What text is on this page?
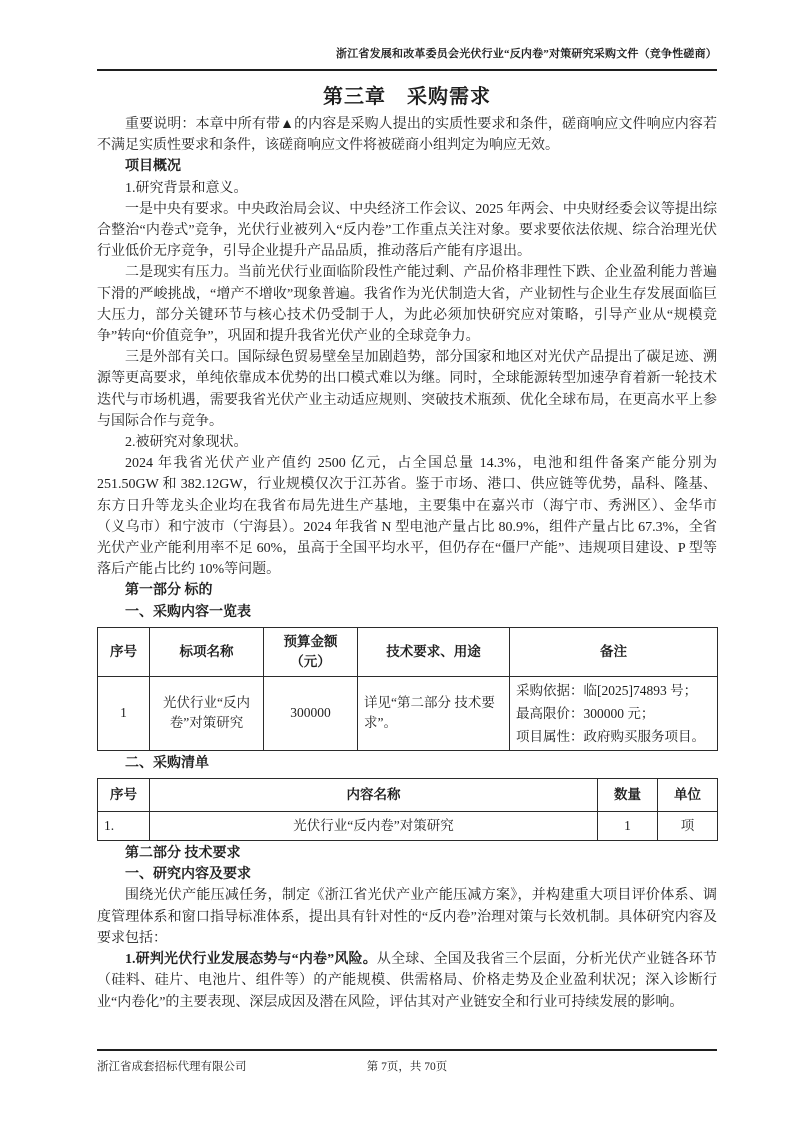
浙江省发展和改革委员会光伏行业“反内卷”对策研究采购文件（竞争性磋商）
第三章　采购需求

重要说明：本章中所有带▲的内容是采购人提出的实质性要求和条件，磋商响应文件响应内容若不满足实质性要求和条件，该磋商响应文件将被磋商小组判定为响应无效。

项目概况

1.研究背景和意义。

一是中央有要求。中央政治局会议、中央经济工作会议、2025 年两会、中央财经委会议等提出综合整治“内卷式”竞争，光伏行业被列入“反内卷”工作重点关注对象。要求要依法依规、综合治理光伏行业低价无序竞争，引导企业提升产品品质，推动落后产能有序退出。

二是现实有压力。当前光伏行业面临阶段性产能过剩、产品价格非理性下跌、企业盈利能力普遍下滑的严峻挑战，“增产不增收”现象普遍。我省作为光伏制造大省，产业韧性与企业生存发展面临巨大压力，部分关键环节与核心技术仍受制于人，为此必须加快研究应对策略，引导产业从“规模竞争”转向“价值竞争”，巩固和提升我省光伏产业的全球竞争力。

三是外部有关口。国际绿色贸易壁垒呈加剧趋势，部分国家和地区对光伏产品提出了碳足迹、溯源等更高要求，单纯依靠成本优势的出口模式难以为继。同时，全球能源转型加速孕育着新一轮技术迭代与市场机遇，需要我省光伏产业主动适应规则、突破技术瓶颈、优化全球布局，在更高水平上参与国际合作与竞争。

2.被研究对象现状。

2024 年我省光伏产业产值约 2500 亿元，占全国总量 14.3%，电池和组件备案产能分别为 251.50GW 和 382.12GW，行业规模仅次于江苏省。鉴于市场、港口、供应链等优势，晶科、隆基、东方日升等龙头企业均在我省布局先进生产基地，主要集中在嘉兴市（海宁市、秀洲区）、金华市（义乌市）和宁波市（宁海县）。2024 年我省 N 型电池产量占比 80.9%，组件产量占比 67.3%，全省光伏产业产能利用率不足 60%，虽高于全国平均水平，但仍存在“僵尸产能”、违规项目建设、P 型等落后产能占比约 10%等问题。

第一部分 标的

一、采购内容一览表

序号	标项名称	预算金额（元）	技术要求、用途	备注
1	光伏行业“反内卷”对策研究	300000	详见“第二部分 技术要求”。	采购依据：临[2025]74893 号；
最高限价：300000 元；
项目属性：政府购买服务项目。

二、采购清单

序号	内容名称	数量	单位
1.	光伏行业“反内卷”对策研究	1	项

第二部分 技术要求

一、研究内容及要求

围绕光伏产能压减任务，制定《浙江省光伏产业产能压减方案》，并构建重大项目评价体系、调度管理体系和窗口指导标准体系，提出具有针对性的“反内卷”治理对策与长效机制。具体研究内容及要求包括：

1.研判光伏行业发展态势与“内卷”风险。从全球、全国及我省三个层面，分析光伏产业链各环节（硅料、硅片、电池片、组件等）的产能规模、供需格局、价格走势及企业盈利状况；深入诊断行业“内卷化”的主要表现、深层成因及潜在风险，评估其对产业链安全和行业可持续发展的影响。

浙江省成套招标代理有限公司	第 7页，共 70页
